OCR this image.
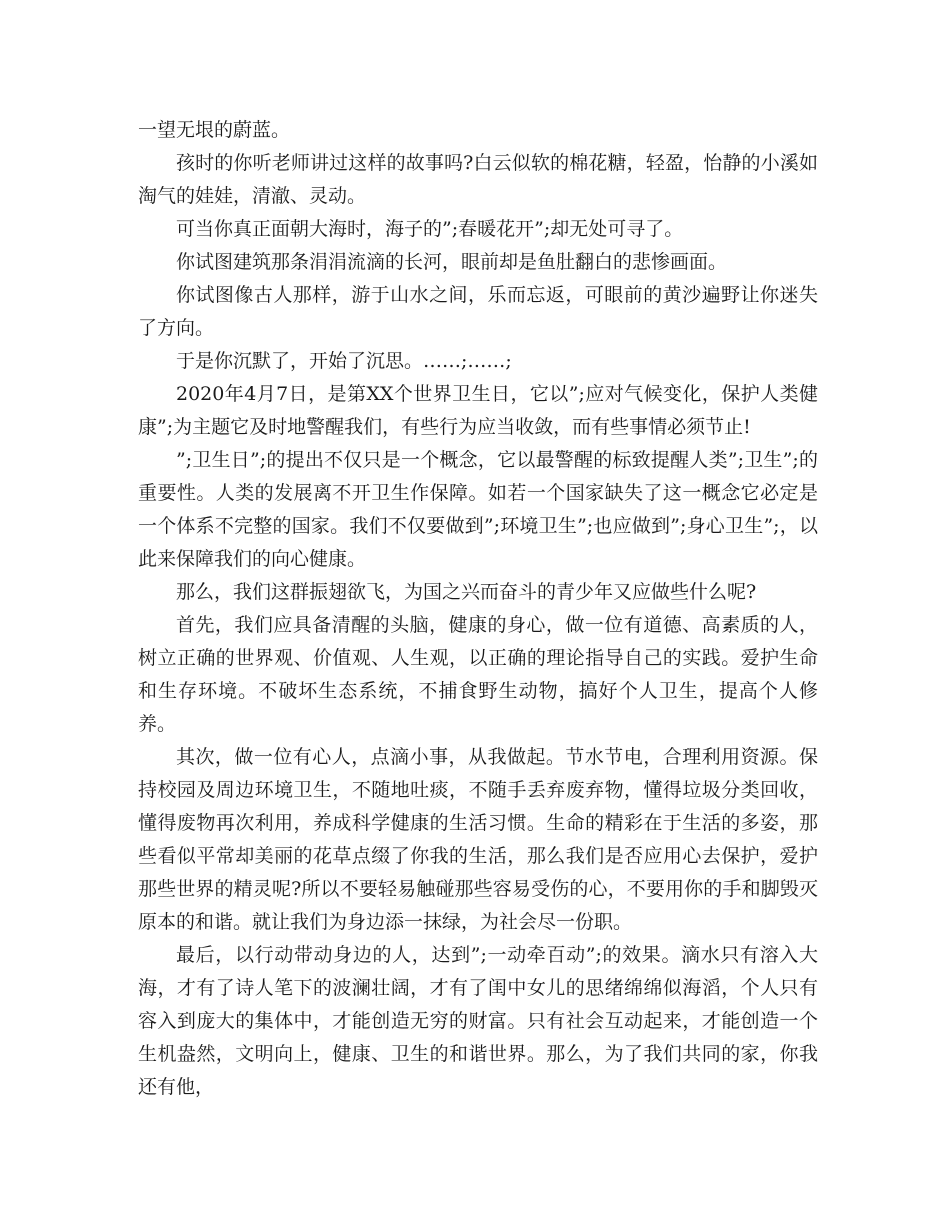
一望无垠的蔚蓝。

孩时的你听老师讲过这样的故事吗?白云似软的棉花糖，轻盈，怡静的小溪如淘气的娃娃，清澈、灵动。

可当你真正面朝大海时，海子的”;春暖花开”;却无处可寻了。

你试图建筑那条涓涓流滴的长河，眼前却是鱼肚翻白的悲惨画面。

你试图像古人那样，游于山水之间，乐而忘返，可眼前的黄沙遍野让你迷失了方向。

于是你沉默了，开始了沉思。……;……;

2020年4月7日，是第XX个世界卫生日，它以”;应对气候变化，保护人类健康”;为主题它及时地警醒我们，有些行为应当收敛，而有些事情必须节止!

”;卫生日”;的提出不仅只是一个概念，它以最警醒的标致提醒人类”;卫生”;的重要性。人类的发展离不开卫生作保障。如若一个国家缺失了这一概念它必定是一个体系不完整的国家。我们不仅要做到”;环境卫生”;也应做到”;身心卫生”;，以此来保障我们的向心健康。

那么，我们这群振翅欲飞，为国之兴而奋斗的青少年又应做些什么呢?

首先，我们应具备清醒的头脑，健康的身心，做一位有道德、高素质的人，树立正确的世界观、价值观、人生观，以正确的理论指导自己的实践。爱护生命和生存环境。不破坏生态系统，不捕食野生动物，搞好个人卫生，提高个人修养。

其次，做一位有心人，点滴小事，从我做起。节水节电，合理利用资源。保持校园及周边环境卫生，不随地吐痰，不随手丢弃废弃物，懂得垃圾分类回收，懂得废物再次利用，养成科学健康的生活习惯。生命的精彩在于生活的多姿，那些看似平常却美丽的花草点缀了你我的生活，那么我们是否应用心去保护，爱护那些世界的精灵呢?所以不要轻易触碰那些容易受伤的心，不要用你的手和脚毁灭原本的和谐。就让我们为身边添一抹绿，为社会尽一份职。

最后，以行动带动身边的人，达到”;一动牵百动”;的效果。滴水只有溶入大海，才有了诗人笔下的波澜壮阔，才有了闺中女儿的思绪绵绵似海滔，个人只有容入到庞大的集体中，才能创造无穷的财富。只有社会互动起来，才能创造一个生机盎然，文明向上，健康、卫生的和谐世界。那么，为了我们共同的家，你我还有他，
